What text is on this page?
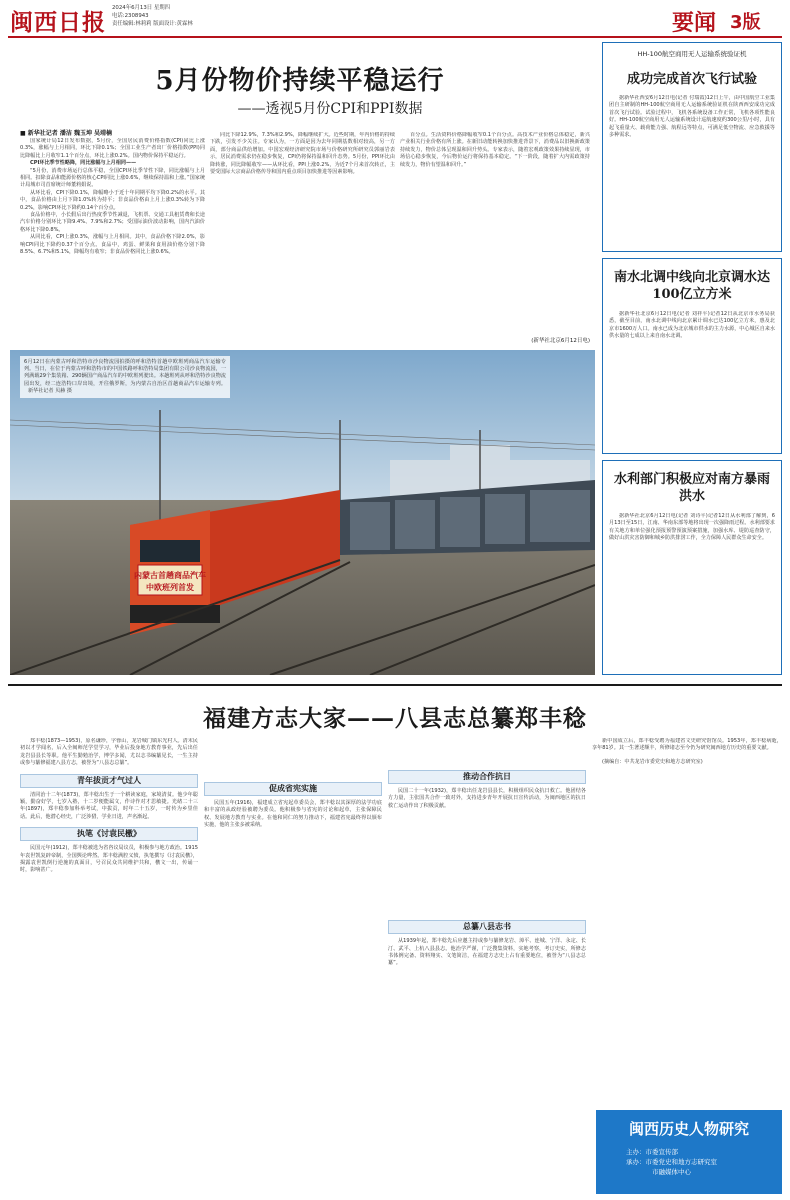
闽西日报
2024年6月13日 星期四
电话:2308943
责任编辑:林莉莉 版面设计:黄霖林	要闻 3版
5月份物价持续平稳运行
——透视5月份CPI和PPI数据
■ 新华社记者 潘洁 魏玉坤 吴靖楠

国家统计局12日发布数据，5月份，全国居民消费价格指数(CPI)同比上涨0.3%，涨幅与上月相同，环比下降0.1%；全国工业生产者出厂价格指数(PPI)同比降幅比上月收窄1.1个百分点，环比上涨0.2%。国内物价保持平稳运行。

CPI环比季节性略降，同比涨幅与上月相同——

“5月份，消费市场运行总体平稳，全国CPI环比季节性下降，同比涨幅与上月相同。扣除食品和能源价格的核心CPI同比上涨0.6%，继续保持温和上涨。”国家统计局城市司首席统计师董莉娟说。

从环比看，CPI下降0.1%，降幅略小于近十年同期平均下降0.2%的水平。其中，食品价格由上月下降1.0%转为持平；非食品价格由上月上涨0.3%转为下降0.2%，影响CPI环比下降约0.14个百分点。

食品价格中，小长假后出行热度季节性减退，飞机票、交通工具租赁费和长途汽车价格分别环比下降9.4%、7.9%和2.7%；受国际油价波动影响，国内汽油价格环比下降0.8%。

从同比看，CPI上涨0.3%，涨幅与上月相同。其中，食品价格下降2.0%，影响CPI同比下降约0.37个百分点。食品中，鸡蛋、鲜果和食用油价格分别下降8.5%、6.7%和5.1%，降幅均有收窄；非食品价格同比上涨0.6%。

同比下降12.9%，7.3%和2.9%，降幅继续扩大。近些时期，年内价格的持续下跌，引发不少关注。专家认为，一方面是因为去年同期基数相对较高，另一方面，部分商品供给增加。中国宏观经济研究院市场与价格研究所研究员郭丽岩表示，居民消费需求仍在稳步恢复，CPI仍将保持温和回升态势。5月份，PPI环比由降转涨，同比降幅收窄——从环比看，PPI上涨0.2%，为近7个月来首次转正，主要受国际大宗商品价格传导和国内重点项目加快推进等因素影响。

百分点。生活资料价格降幅收窄0.1个百分点。高技术产业价格总体稳定，新兴产业相关行业价格有所上涨。在新旧动能转换加快推进背景下，消费品以旧换新政策持续发力，物价总体呈现温和回升势头。专家表示，随着宏观政策效果持续显现，市场信心稳步恢复，今后物价运行将保持基本稳定。“下一阶段，随着扩大内需政策持续发力，物价有望温和回升。”

(新华社北京6月12日电)
内蒙古首趟商品汽车
中欧班列首发
6月12日在内蒙古呼和浩特市沙良物流园拍摄的呼和浩特首趟中欧班列商品汽车运输专列。当日，在位于内蒙古呼和浩特市的中国铁路呼和浩特局集团有限公司沙良物流园，一列满载29个集装箱、290辆国产商品汽车的中欧班列驶出。本趟班列从呼和浩特沙良物流园出发，经二连浩特口岸出境，开往俄罗斯，为内蒙古自治区首趟商品汽车运输专列。 新华社记者 贝赫 摄
HH-100航空商用无人运输系统验证机
成功完成首次飞行试验

据新华社西安6月12日电(记者 付瑞霞)12日上午，由中国航空工业集团自主研制的HH-100航空商用无人运输系统验证机在陕西西安成功完成首次飞行试验。试验过程中，飞机各系统设备工作正常，飞机各项性能良好。HH-100航空商用无人运输系统设计巡航速度约300公里/小时，具有起飞重量大、载荷能力强、航程远等特点，可满足低空物流、应急救援等多种需求。

南水北调中线向北京调水达100亿立方米

据新华社北京6月12日电(记者 刘祥平)记者12日从北京市水务局获悉，截至目前，南水北调中线向北京累计调水已达100亿立方米，惠及北京市1600万人口。南水已成为北京城市供水的主力水源，中心城区自来水供水量的七成以上来自南水北调。

水利部门积极应对南方暴雨洪水

据新华社北京6月12日电(记者 刘诗平)记者12日从水利部了解到，6月13日至15日，江南、华南东部等地将出现一次强降雨过程。水利部要求有关地方和单位强化预报预警预演预案措施，加强水库、堤防巡查防守，做好山洪灾害防御和城乡防洪排涝工作，全力保障人民群众生命安全。

福建方志大家——八县志总纂郑丰稔

郑丰稔(1873—1953)，原名谦珍，字蓉山，龙岩城门镇东光村人。清末民初以才学闻名，后入全闽师范学堂学习，毕业后投身地方教育事业，先后出任龙岩县县长等职。他平生勤勉治学，博学多闻，尤以志书编纂见长，一生主持或参与纂修福建八县方志，被誉为“八县志总纂”。

青年拔贡才气过人

清同治十二年(1873)，郑丰稔出生于一个耕读家庭，家境清贫。他少年聪颖，勤奋好学，七岁入塾，十二岁便能属文，作诗作对才思敏捷。光绪二十三年(1897)，郑丰稔参加科举考试，中拔贡，时年二十五岁，一时传为乡里佳话。此后，他潜心经史，广泛涉猎，学业日进，声名渐起。

执笔《讨袁民檄》

民国元年(1912)，郑丰稔被选为省咨议局议员，积极参与地方政治。1915年袁世凯复辟帝制，全国舆论哗然。郑丰稔满腔义愤，执笔撰写《讨袁民檄》，揭露袁世凯倒行逆施的真面目，号召民众共同维护共和，檄文一出，传诵一时，影响甚广。

促成省宪实施

民国五年(1916)，福建成立省宪起草委员会，郑丰稔以其深厚的法学功底和丰富的从政经验被聘为委员。他积极参与省宪的讨论和起草，主张保障民权、发展地方教育与实业。在他和同仁的努力推动下，福建省宪最终得以颁布实施，他的主张多被采纳。

推动合作抗日

民国二十一年(1932)，郑丰稔出任龙岩县县长，积极组织民众抗日救亡。他团结各方力量，主张国共合作一致对外，支持进步青年开展抗日宣传活动，为闽西地区的抗日救亡运动作出了积极贡献。

总纂八县志书

从1939年起，郑丰稔先后应邀主持或参与纂修龙岩、漳平、连城、宁洋、永定、长汀、武平、上杭八县县志。他治学严谨，广泛搜集资料，实地考察，考订史实，所修志书体例完备、资料翔实、文笔简洁，在福建方志史上占有重要地位，被誉为“八县志总纂”。

新中国成立后，郑丰稔受聘为福建省文史研究馆馆员。1953年，郑丰稔病逝，享年81岁。其一生著述颇丰，所修诸志至今仍为研究闽西地方历史的重要文献。

(摘编自：中共龙岩市委党史和地方志研究室)

闽西历史人物研究
主办：市委宣传部
承办：市委党史和地方志研究室
市融媒体中心
